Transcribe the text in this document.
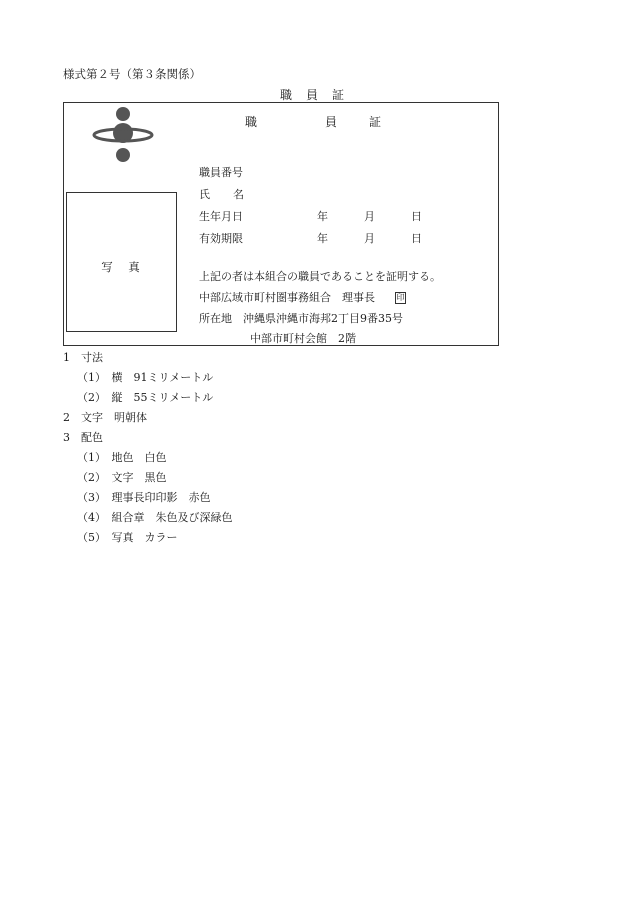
様式第２号（第３条関係）
職　員　証
職	員	証
職員番号
氏 名
生年月日	年	月	日
有効期限	年	月	日
写　真
上記の者は本組合の職員であることを証明する。
中部広域市町村圏事務組合　理事長	印
所在地　沖縄県沖縄市海邦2丁目9番35号
中部市町村会館　2階
1　寸法
（1）　横　91ミリメートル
（2）　縦　55ミリメートル
2　文字　明朝体
3　配色
（1）　地色　白色
（2）　文字　黒色
（3）　理事長印印影　赤色
（4）　組合章　朱色及び深緑色
（5）　写真　カラー
